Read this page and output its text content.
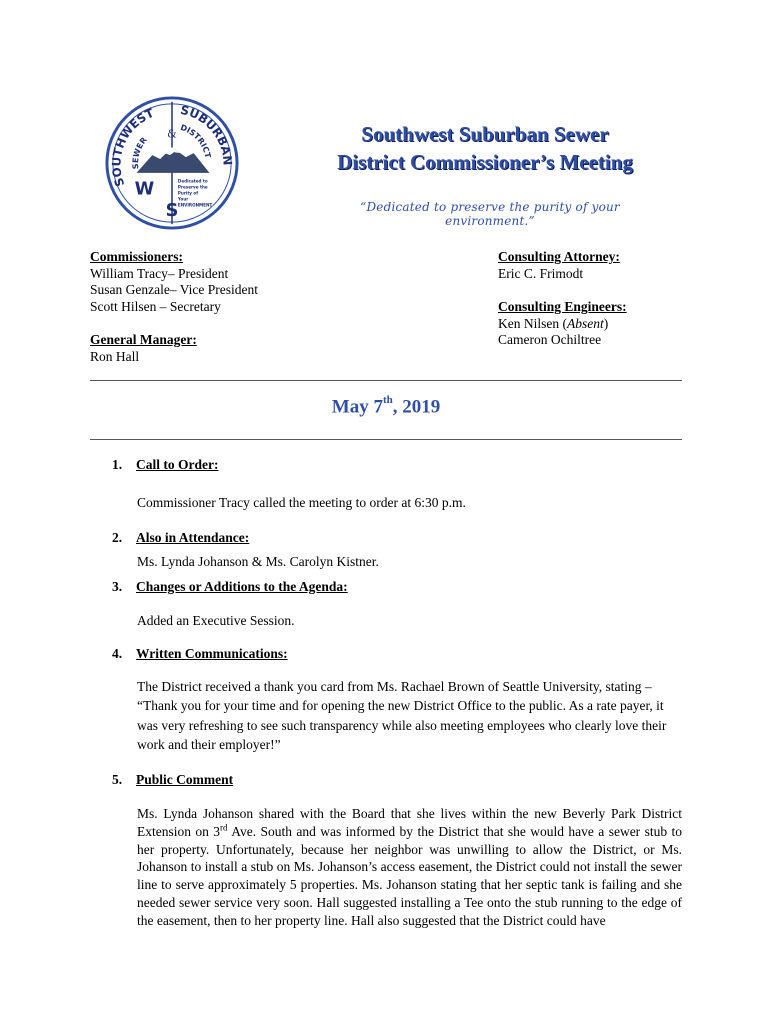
SOUTHWEST SUBURBAN
SEWER
DISTRICT
&
W
S
Dedicated to
Preserve the
Purity of
Your
ENVIRONMENT
Southwest Suburban Sewer
District Commissioner’s Meeting
“Dedicated to preserve the purity of your environment.”
Commissioners:
William Tracy– President
Susan Genzale– Vice President
Scott Hilsen – Secretary
General Manager:
Ron Hall
Consulting Attorney:
Eric C. Frimodt
Consulting Engineers:
Ken Nilsen (Absent)
Cameron Ochiltree
May 7th, 2019
1. Call to Order:
Commissioner Tracy called the meeting to order at 6:30 p.m.
2. Also in Attendance:
Ms. Lynda Johanson & Ms. Carolyn Kistner.
3. Changes or Additions to the Agenda:
Added an Executive Session.
4. Written Communications:
The District received a thank you card from Ms. Rachael Brown of Seattle University, stating – “Thank you for your time and for opening the new District Office to the public. As a rate payer, it was very refreshing to see such transparency while also meeting employees who clearly love their work and their employer!”
5. Public Comment
Ms. Lynda Johanson shared with the Board that she lives within the new Beverly Park District Extension on 3rd Ave. South and was informed by the District that she would have a sewer stub to her property. Unfortunately, because her neighbor was unwilling to allow the District, or Ms. Johanson to install a stub on Ms. Johanson’s access easement, the District could not install the sewer line to serve approximately 5 properties. Ms. Johanson stating that her septic tank is failing and she needed sewer service very soon. Hall suggested installing a Tee onto the stub running to the edge of the easement, then to her property line. Hall also suggested that the District could have
